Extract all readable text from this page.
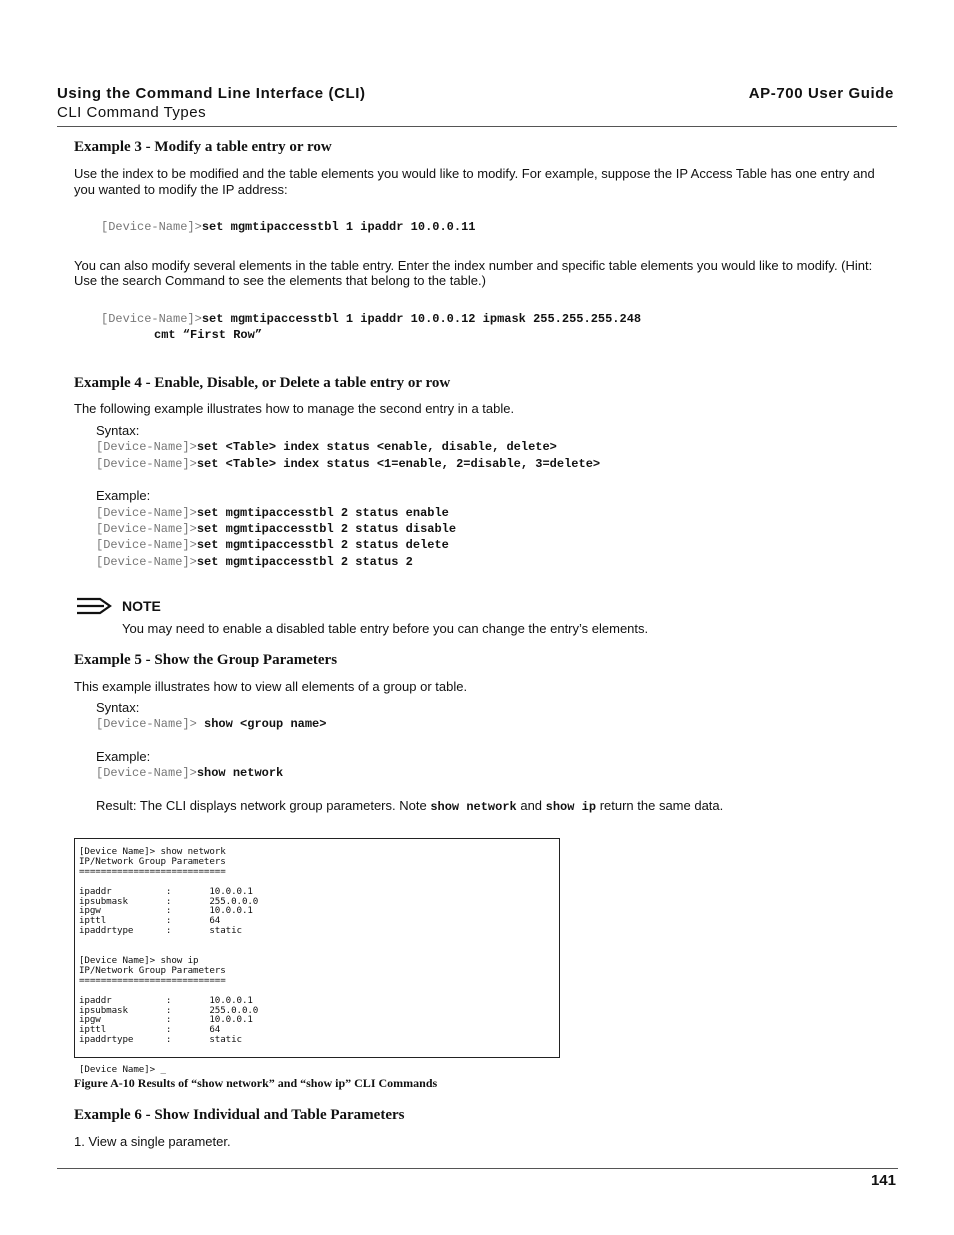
Using the Command Line Interface (CLI)
CLI Command Types
AP-700 User Guide
Example 3 - Modify a table entry or row
Use the index to be modified and the table elements you would like to modify. For example, suppose the IP Access Table has one entry and
you wanted to modify the IP address:
[Device-Name]>set mgmtipaccesstbl 1 ipaddr 10.0.0.11
You can also modify several elements in the table entry. Enter the index number and specific table elements you would like to modify. (Hint:
Use the search Command to see the elements that belong to the table.)
[Device-Name]>set mgmtipaccesstbl 1 ipaddr 10.0.0.12 ipmask 255.255.255.248
cmt “First Row”
Example 4 - Enable, Disable, or Delete a table entry or row
The following example illustrates how to manage the second entry in a table.
Syntax:
[Device-Name]>set <Table> index status <enable, disable, delete>
[Device-Name]>set <Table> index status <1=enable, 2=disable, 3=delete>
Example:
[Device-Name]>set mgmtipaccesstbl 2 status enable
[Device-Name]>set mgmtipaccesstbl 2 status disable
[Device-Name]>set mgmtipaccesstbl 2 status delete
[Device-Name]>set mgmtipaccesstbl 2 status 2
NOTE
You may need to enable a disabled table entry before you can change the entry’s elements.
Example 5 - Show the Group Parameters
This example illustrates how to view all elements of a group or table.
Syntax:
[Device-Name]> show <group name>
Example:
[Device-Name]>show network
Result: The CLI displays network group parameters. Note show network and show ip return the same data.
[Device Name]> show network
IP/Network Group Parameters
===========================

ipaddr          :       10.0.0.1
ipsubmask       :       255.0.0.0
ipgw            :       10.0.0.1
ipttl           :       64
ipaddrtype      :       static

[Device Name]> show ip
IP/Network Group Parameters
===========================

ipaddr          :       10.0.0.1
ipsubmask       :       255.0.0.0
ipgw            :       10.0.0.1
ipttl           :       64
ipaddrtype      :       static

[Device Name]> _
Figure A-10 Results of “show network” and “show ip” CLI Commands
Example 6 - Show Individual and Table Parameters
1. View a single parameter.
141
